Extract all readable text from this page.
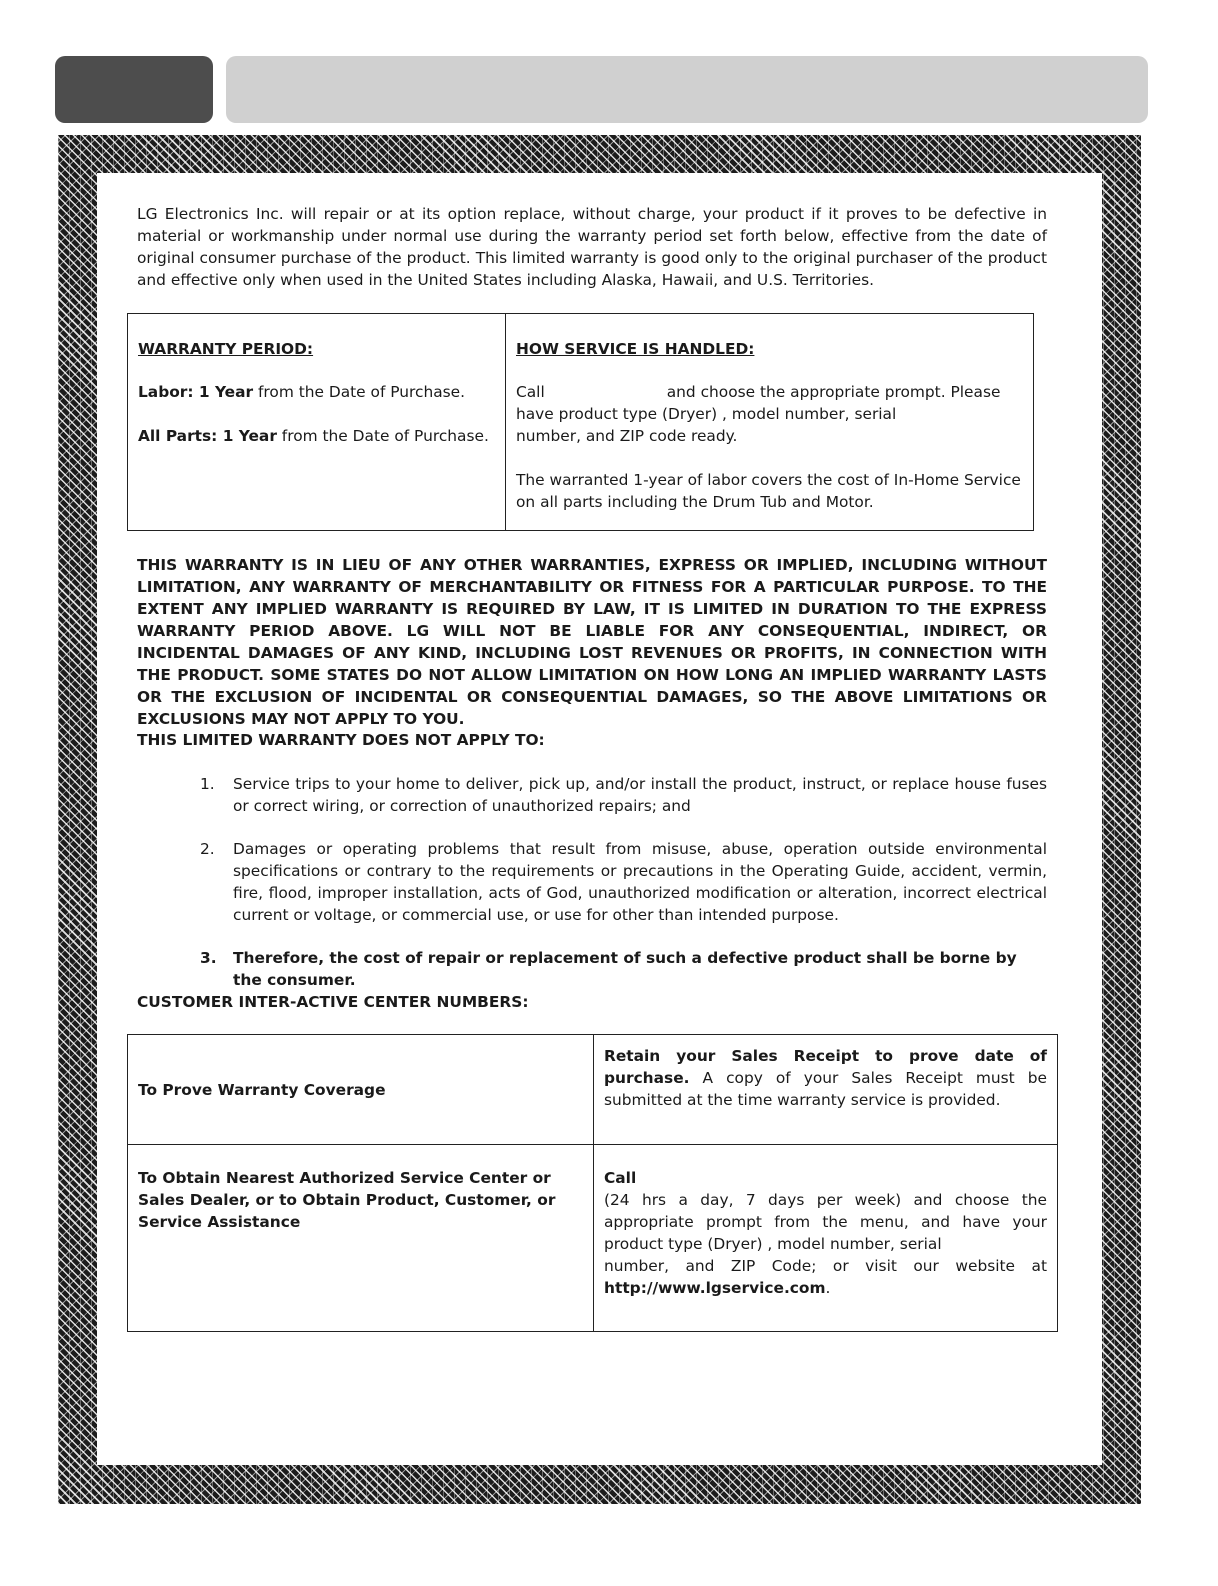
LG Electronics Inc. will repair or at its option replace, without charge, your product if it proves to be defective in material or workmanship under normal use during the warranty period set forth below, effective from the date of original consumer purchase of the product. This limited warranty is good only to the original purchaser of the product and effective only when used in the United States including Alaska, Hawaii, and U.S. Territories.

WARRANTY PERIOD:
Labor: 1 Year from the Date of Purchase.
All Parts: 1 Year from the Date of Purchase.

HOW SERVICE IS HANDLED:
Call	and choose the appropriate prompt. Please
have product type (Dryer) , model number, serial
number, and ZIP code ready.
The warranted 1-year of labor covers the cost of In-Home Service on all parts including the Drum Tub and Motor.

THIS WARRANTY IS IN LIEU OF ANY OTHER WARRANTIES, EXPRESS OR IMPLIED, INCLUDING WITHOUT LIMITATION, ANY WARRANTY OF MERCHANTABILITY OR FITNESS FOR A PARTICULAR PURPOSE. TO THE EXTENT ANY IMPLIED WARRANTY IS REQUIRED BY LAW, IT IS LIMITED IN DURATION TO THE EXPRESS WARRANTY PERIOD ABOVE. LG WILL NOT BE LIABLE FOR ANY CONSEQUENTIAL, INDIRECT, OR INCIDENTAL DAMAGES OF ANY KIND, INCLUDING LOST REVENUES OR PROFITS, IN CONNECTION WITH THE PRODUCT. SOME STATES DO NOT ALLOW LIMITATION ON HOW LONG AN IMPLIED WARRANTY LASTS OR THE EXCLUSION OF INCIDENTAL OR CONSEQUENTIAL DAMAGES, SO THE ABOVE LIMITATIONS OR EXCLUSIONS MAY NOT APPLY TO YOU.

THIS LIMITED WARRANTY DOES NOT APPLY TO:

1.	Service trips to your home to deliver, pick up, and/or install the product, instruct, or replace house fuses or correct wiring, or correction of unauthorized repairs; and
2.	Damages or operating problems that result from misuse, abuse, operation outside environmental specifications or contrary to the requirements or precautions in the Operating Guide, accident, vermin, fire, flood, improper installation, acts of God, unauthorized modification or alteration, incorrect electrical current or voltage, or commercial use, or use for other than intended purpose.
3.	Therefore, the cost of repair or replacement of such a defective product shall be borne by the consumer.

CUSTOMER INTER-ACTIVE CENTER NUMBERS:

To Prove Warranty Coverage	Retain your Sales Receipt to prove date of purchase. A copy of your Sales Receipt must be submitted at the time warranty service is provided.
To Obtain Nearest Authorized Service Center or Sales Dealer, or to Obtain Product, Customer, or Service Assistance	Call
(24 hrs a day, 7 days per week) and choose the appropriate prompt from the menu, and have your product type (Dryer) , model number, serial
number, and ZIP Code; or visit our website at
http://www.lgservice.com.
